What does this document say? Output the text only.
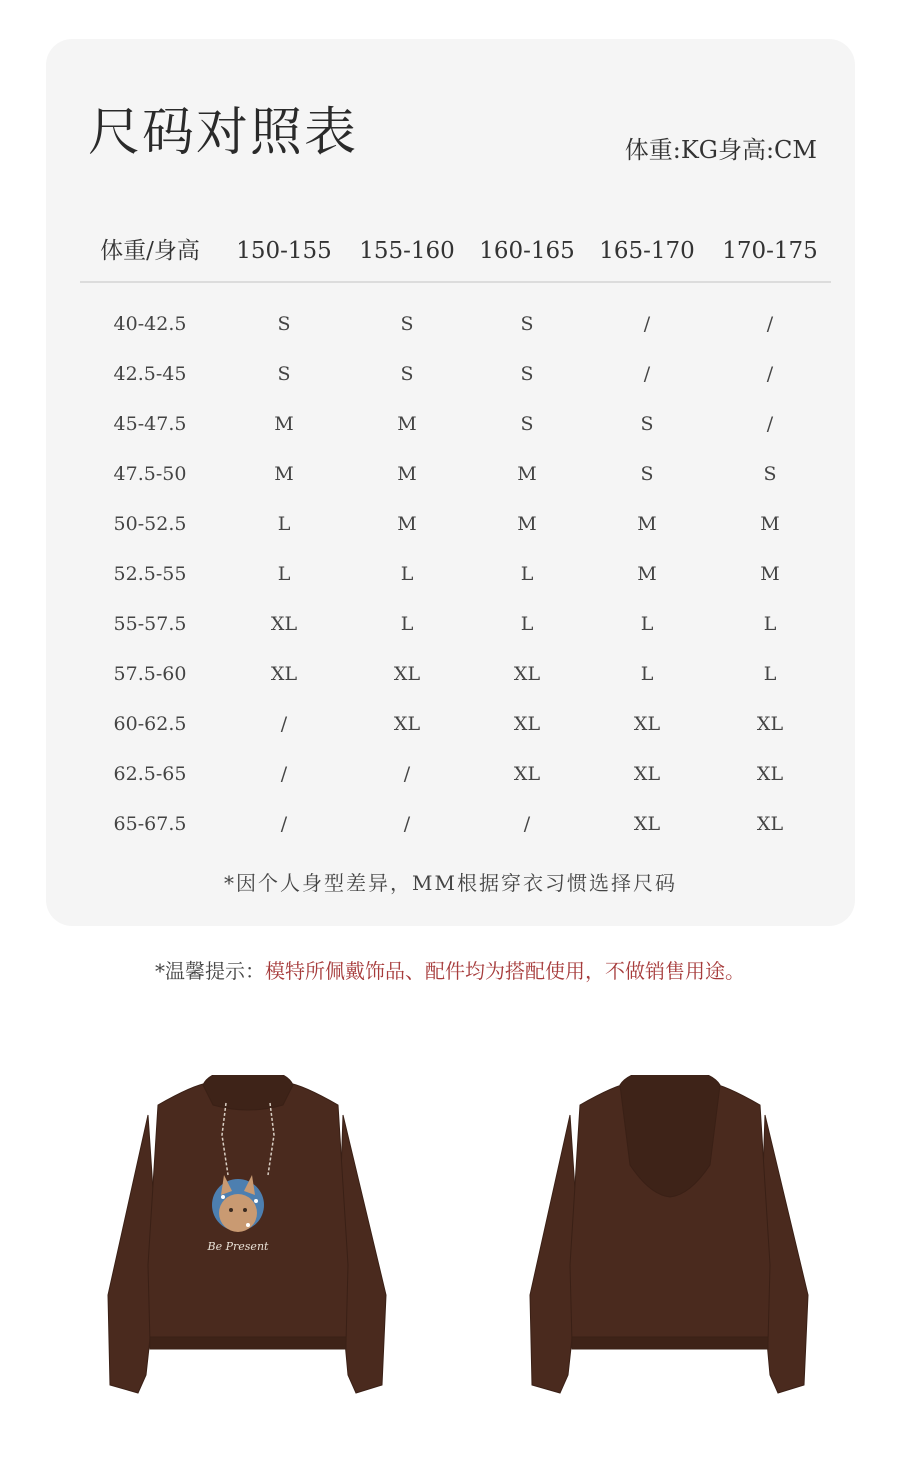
尺码对照表	体重:KG身高:CM
体重/身高 150-155 155-160 160-165 165-170 170-175
40-42.5	S	S	S	/	/
42.5-45	S	S	S	/	/
45-47.5	M	M	S	S	/
47.5-50	M	M	M	S	S
50-52.5	L	M	M	M	M
52.5-55	L	L	L	M	M
55-57.5	XL	L	L	L	L
57.5-60	XL	XL	XL	L	L
60-62.5	/	XL	XL	XL	XL
62.5-65	/	/	XL	XL	XL
65-67.5	/	/	/	XL	XL
*因个人身型差异，MM根据穿衣习惯选择尺码
*温馨提示：模特所佩戴饰品、配件均为搭配使用，不做销售用途。
Be Present
